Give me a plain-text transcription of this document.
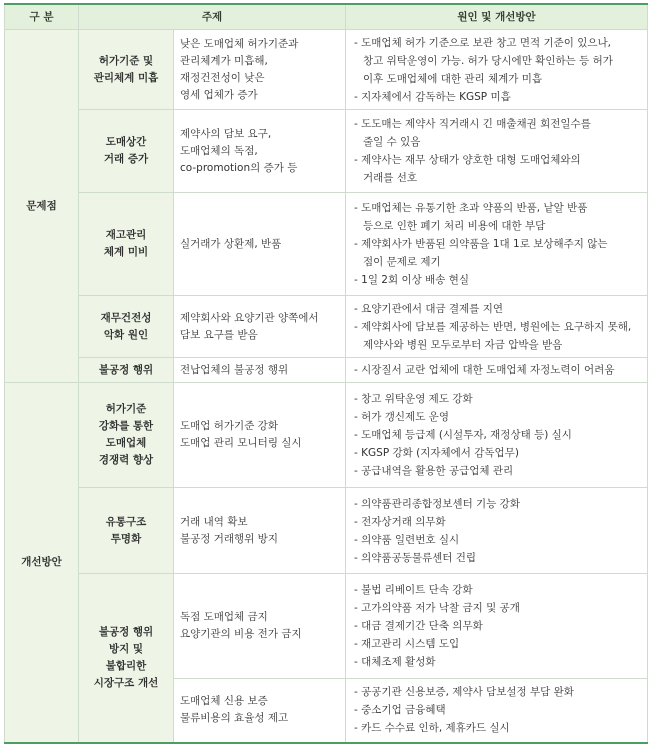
구 분	주제		원인 및 개선방안
문제점	허가기준 및
관리체계 미흡	낮은 도매업체 허가기준과
관리체계가 미흡해,
재정건전성이 낮은
영세 업체가 증가	- 도매업체 허가 기준으로 보관 창고 면적 기준이 있으나,
창고 위탁운영이 가능. 허가 당시에만 확인하는 등 허가
이후 도매업체에 대한 관리 체계가 미흡
- 지자체에서 감독하는 KGSP 미흡

	도매상간
거래 증가	제약사의 담보 요구,
도매업체의 독점,
co-promotion의 증가 등	- 도도매는 제약사 직거래시 긴 매출채권 회전일수를
줄일 수 있음
- 제약사는 재무 상태가 양호한 대형 도매업체와의
거래를 선호

	재고관리
체계 미비	실거래가 상환제, 반품	- 도매업체는 유통기한 초과 약품의 반품, 낱알 반품
등으로 인한 폐기 처리 비용에 대한 부담
- 제약회사가 반품된 의약품을 1대 1로 보상해주지 않는
점이 문제로 제기
- 1일 2회 이상 배송 현실

	재무건전성
악화 원인	제약회사와 요양기관 양쪽에서
담보 요구를 받음	- 요양기관에서 대금 결제를 지연
- 제약회사에 담보를 제공하는 반면, 병원에는 요구하지 못해,
제약사와 병원 모두로부터 자금 압박을 받음

	불공정 행위	전납업체의 불공정 행위	- 시장질서 교란 업체에 대한 도매업체 자정노력이 어려움

개선방안	허가기준
강화를 통한
도매업체
경쟁력 향상	도매업 허가기준 강화
도매업 관리 모니터링 실시	- 창고 위탁운영 제도 강화
- 허가 갱신제도 운영
- 도매업체 등급제 (시설투자, 재정상태 등) 실시
- KGSP 강화 (지자체에서 감독업무)
- 공급내역을 활용한 공급업체 관리

	유통구조
투명화	거래 내역 확보
불공정 거래행위 방지	- 의약품관리종합정보센터 기능 강화
- 전자상거래 의무화
- 의약품 일련번호 실시
- 의약품공동물류센터 건립

	불공정 행위
방지 및
불합리한
시장구조 개선	독점 도매업체 금지
요양기관의 비용 전가 금지	- 불법 리베이트 단속 강화
- 고가의약품 저가 낙찰 금지 및 공개
- 대금 결제기간 단축 의무화
- 재고관리 시스템 도입
- 대체조제 활성화

		도매업체 신용 보증
물류비용의 효율성 제고	- 공공기관 신용보증, 제약사 담보설정 부담 완화
- 중소기업 금융혜택
- 카드 수수료 인하, 제휴카드 실시
